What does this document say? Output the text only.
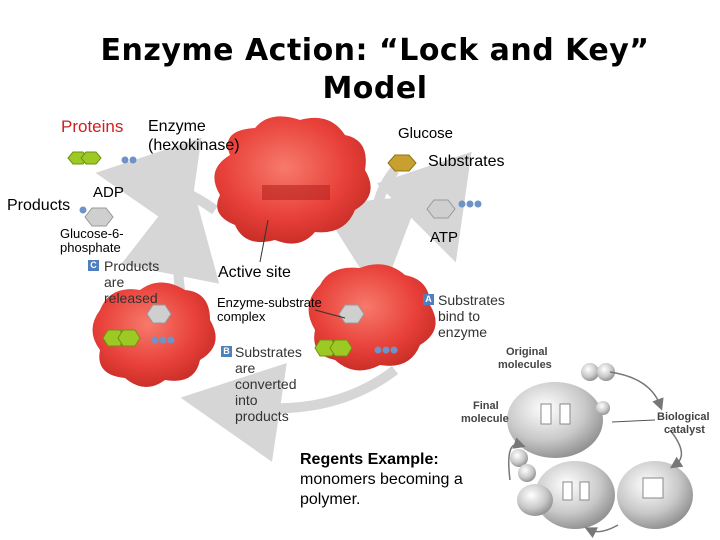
Enzyme Action: “Lock and Key”
Model
Proteins Enzyme
(hexokinase)
Glucose
Substrates
Products
ADP
Glucose-6-
phosphate
ATP
Active site
Enzyme-substrate
complex
C Products
are released	A Substrates
bind to
enzyme
B Substrates
are converted
into products
Original
molecules
Final
molecule	Biological
catalyst
Regents Example:
monomers becoming a
polymer.
